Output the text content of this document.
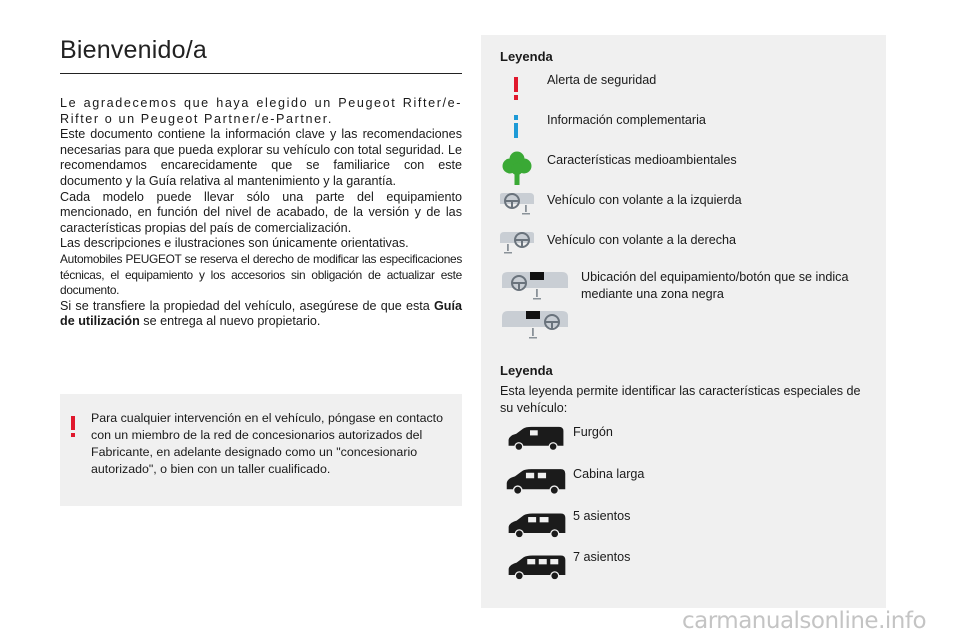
Bienvenido/a

Le agradecemos que haya elegido un Peugeot Rifter/e-Rifter o un Peugeot Partner/e-Partner.

Este documento contiene la información clave y las recomendaciones necesarias para que pueda explorar su vehículo con total seguridad. Le recomendamos encarecidamente que se familiarice con este documento y la Guía relativa al mantenimiento y la garantía.

Cada modelo puede llevar sólo una parte del equipamiento mencionado, en función del nivel de acabado, de la versión y de las características propias del país de comercialización.

Las descripciones e ilustraciones son únicamente orientativas.

Automobiles PEUGEOT se reserva el derecho de modificar las especificaciones técnicas, el equipamiento y los accesorios sin obligación de actualizar este documento.

Si se transfiere la propiedad del vehículo, asegúrese de que esta Guía de utilización se entrega al nuevo propietario.

Para cualquier intervención en el vehículo, póngase en contacto con un miembro de la red de concesionarios autorizados del Fabricante, en adelante designado como un "concesionario autorizado", o bien con un taller cualificado.
Leyenda
Alerta de seguridad
Información complementaria
Características medioambientales
Vehículo con volante a la izquierda
Vehículo con volante a la derecha
Ubicación del equipamiento/botón que se indica mediante una zona negra
Leyenda
Esta leyenda permite identificar las características especiales de su vehículo:
Furgón
Cabina larga
5 asientos
7 asientos
carmanualsonline.info
